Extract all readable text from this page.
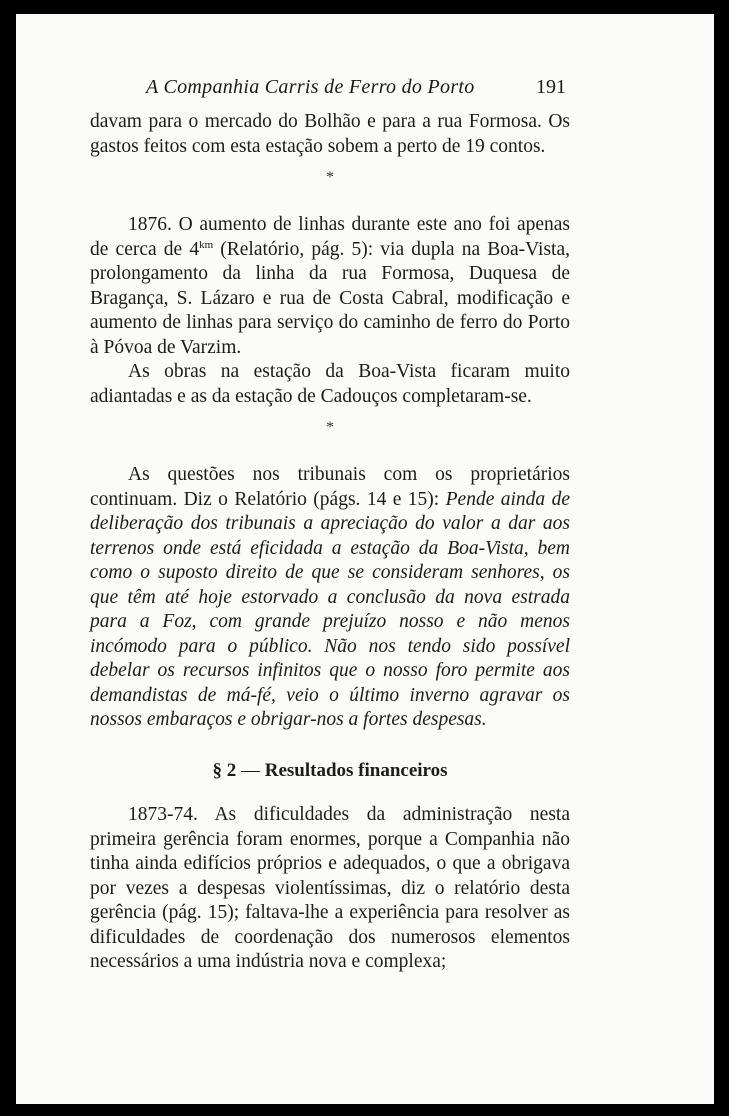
A Companhia Carris de Ferro do Porto	191

davam para o mercado do Bolhão e para a rua Formosa. Os gastos feitos com esta estação sobem a perto de 19 contos.

*

1876. O aumento de linhas durante este ano foi apenas de cerca de $4^{km}$ (Relatório, pág. 5): via dupla na Boa-Vista, prolongamento da linha da rua Formosa, Duquesa de Bragança, S. Lázaro e rua de Costa Cabral, modificação e aumento de linhas para serviço do caminho de ferro do Porto à Póvoa de Varzim.

As obras na estação da Boa-Vista ficaram muito adiantadas e as da estação de Cadouços completaram-se.

*

As questões nos tribunais com os proprietários continuam. Diz o Relatório (págs. 14 e 15): Pende ainda de deliberação dos tribunais a apreciação do valor a dar aos terrenos onde está eficidada a estação da Boa-Vista, bem como o suposto direito de que se consideram senhores, os que têm até hoje estorvado a conclusão da nova estrada para a Foz, com grande prejuízo nosso e não menos incómodo para o público. Não nos tendo sido possível debelar os recursos infinitos que o nosso foro permite aos demandistas de má-fé, veio o último inverno agravar os nossos embaraços e obrigar-nos a fortes despesas.

§ 2 — Resultados financeiros

1873-74. As dificuldades da administração nesta primeira gerência foram enormes, porque a Companhia não tinha ainda edifícios próprios e adequados, o que a obrigava por vezes a despesas violentíssimas, diz o relatório desta gerência (pág. 15); faltava-lhe a experiência para resolver as dificuldades de coordenação dos numerosos elementos necessários a uma indústria nova e complexa;
